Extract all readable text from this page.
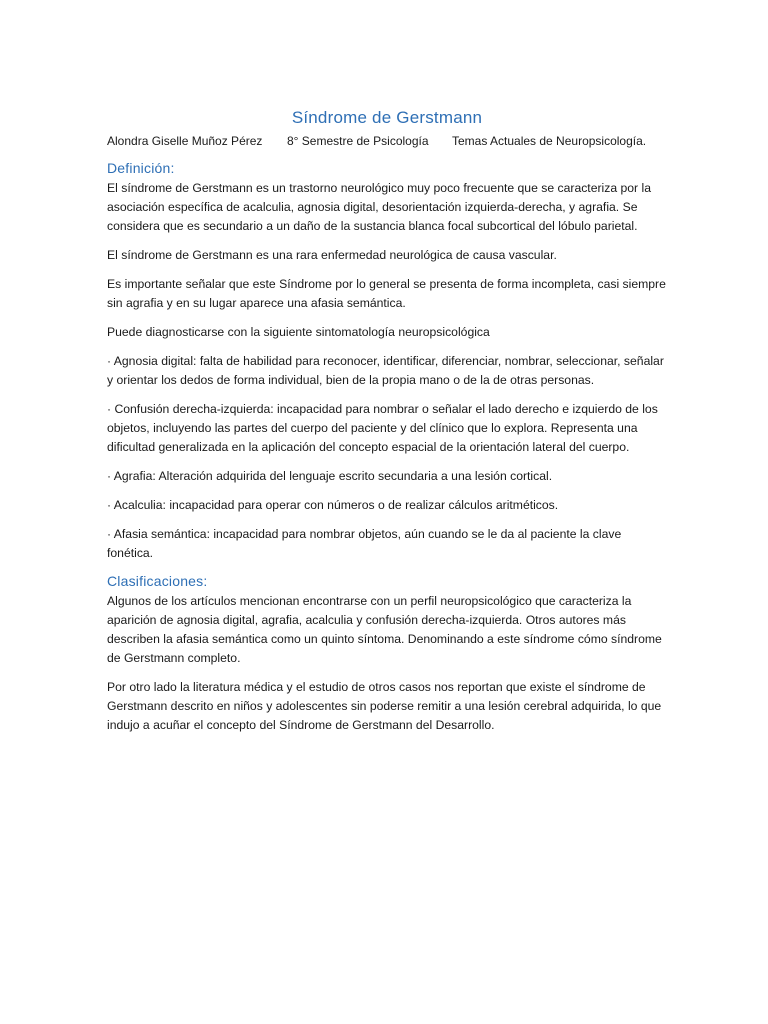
Síndrome de Gerstmann
Alondra Giselle Muñoz Pérez	8° Semestre de Psicología	Temas Actuales de Neuropsicología.
Definición:

El síndrome de Gerstmann es un trastorno neurológico muy poco frecuente que se caracteriza por la asociación específica de acalculia, agnosia digital, desorientación izquierda-derecha, y agrafia. Se considera que es secundario a un daño de la sustancia blanca focal subcortical del lóbulo parietal.

El síndrome de Gerstmann es una rara enfermedad neurológica de causa vascular.

Es importante señalar que este Síndrome por lo general se presenta de forma incompleta, casi siempre sin agrafia y en su lugar aparece una afasia semántica.

Puede diagnosticarse con la siguiente sintomatología neuropsicológica

· Agnosia digital: falta de habilidad para reconocer, identificar, diferenciar, nombrar, seleccionar, señalar y orientar los dedos de forma individual, bien de la propia mano o de la de otras personas.

· Confusión derecha-izquierda: incapacidad para nombrar o señalar el lado derecho e izquierdo de los objetos, incluyendo las partes del cuerpo del paciente y del clínico que lo explora. Representa una dificultad generalizada en la aplicación del concepto espacial de la orientación lateral del cuerpo.

· Agrafia: Alteración adquirida del lenguaje escrito secundaria a una lesión cortical.

· Acalculia: incapacidad para operar con números o de realizar cálculos aritméticos.

· Afasia semántica: incapacidad para nombrar objetos, aún cuando se le da al paciente la clave fonética.

Clasificaciones:

Algunos de los artículos mencionan encontrarse con un perfil neuropsicológico que caracteriza la aparición de agnosia digital, agrafia, acalculia y confusión derecha-izquierda. Otros autores más describen la afasia semántica como un quinto síntoma. Denominando a este síndrome cómo síndrome de Gerstmann completo.

Por otro lado la literatura médica y el estudio de otros casos nos reportan que existe el síndrome de Gerstmann descrito en niños y adolescentes sin poderse remitir a una lesión cerebral adquirida, lo que indujo a acuñar el concepto del Síndrome de Gerstmann del Desarrollo.
